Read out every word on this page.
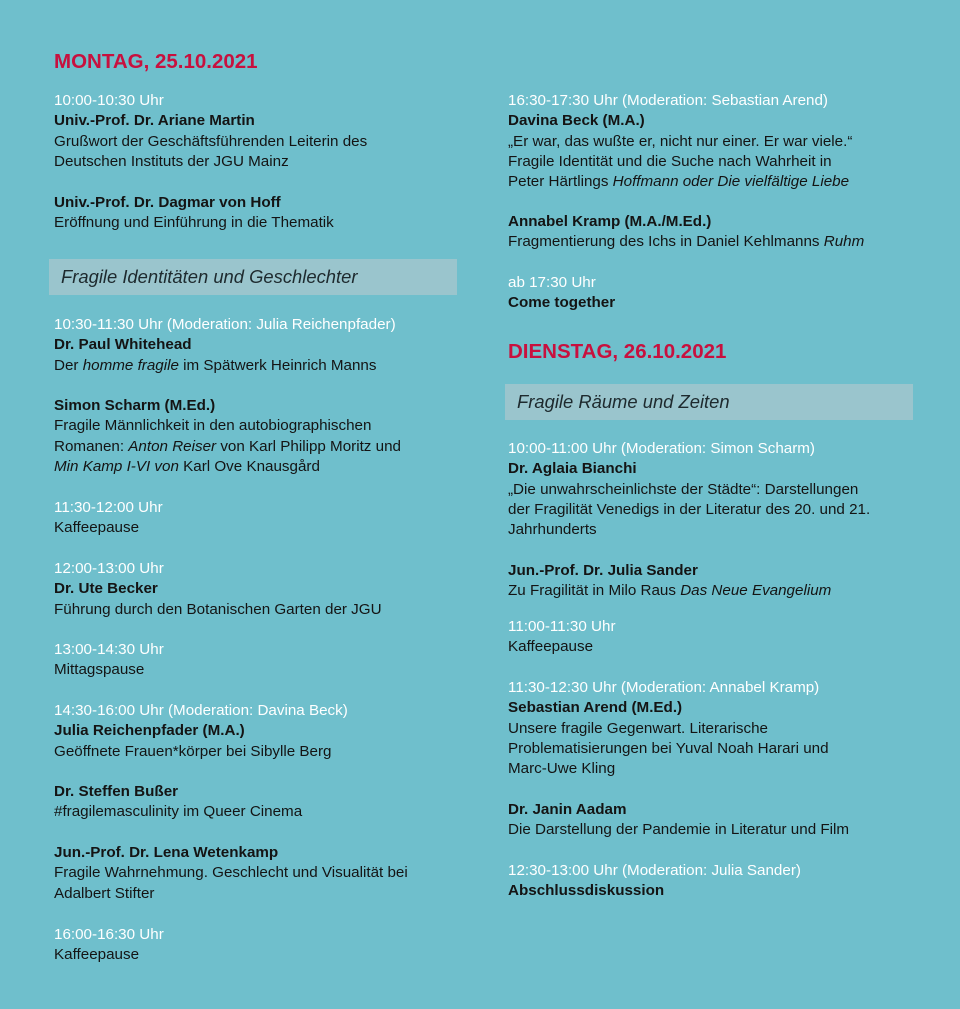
MONTAG, 25.10.2021
10:00-10:30 Uhr
Univ.-Prof. Dr. Ariane Martin
Grußwort der Geschäftsführenden Leiterin des
Deutschen Instituts der JGU Mainz
Univ.-Prof. Dr. Dagmar von Hoff
Eröffnung und Einführung in die Thematik
Fragile Identitäten und Geschlechter
10:30-11:30 Uhr (Moderation: Julia Reichenpfader)
Dr. Paul Whitehead
Der homme fragile im Spätwerk Heinrich Manns
Simon Scharm (M.Ed.)
Fragile Männlichkeit in den autobiographischen
Romanen: Anton Reiser von Karl Philipp Moritz und
Min Kamp I-VI von Karl Ove Knausgård
11:30-12:00 Uhr
Kaffeepause
12:00-13:00 Uhr
Dr. Ute Becker
Führung durch den Botanischen Garten der JGU
13:00-14:30 Uhr
Mittagspause
14:30-16:00 Uhr (Moderation: Davina Beck)
Julia Reichenpfader (M.A.)
Geöffnete Frauen*körper bei Sibylle Berg
Dr. Steffen Bußer
#fragilemasculinity im Queer Cinema
Jun.-Prof. Dr. Lena Wetenkamp
Fragile Wahrnehmung. Geschlecht und Visualität bei
Adalbert Stifter
16:00-16:30 Uhr
Kaffeepause
16:30-17:30 Uhr (Moderation: Sebastian Arend)
Davina Beck (M.A.)
„Er war, das wußte er, nicht nur einer. Er war viele.“
Fragile Identität und die Suche nach Wahrheit in
Peter Härtlings Hoffmann oder Die vielfältige Liebe
Annabel Kramp (M.A./M.Ed.)
Fragmentierung des Ichs in Daniel Kehlmanns Ruhm
ab 17:30 Uhr
Come together
DIENSTAG, 26.10.2021
Fragile Räume und Zeiten
10:00-11:00 Uhr (Moderation: Simon Scharm)
Dr. Aglaia Bianchi
„Die unwahrscheinlichste der Städte“: Darstellungen
der Fragilität Venedigs in der Literatur des 20. und 21.
Jahrhunderts
Jun.-Prof. Dr. Julia Sander
Zu Fragilität in Milo Raus Das Neue Evangelium
11:00-11:30 Uhr
Kaffeepause
11:30-12:30 Uhr (Moderation: Annabel Kramp)
Sebastian Arend (M.Ed.)
Unsere fragile Gegenwart. Literarische
Problematisierungen bei Yuval Noah Harari und
Marc-Uwe Kling
Dr. Janin Aadam
Die Darstellung der Pandemie in Literatur und Film
12:30-13:00 Uhr (Moderation: Julia Sander)
Abschlussdiskussion
